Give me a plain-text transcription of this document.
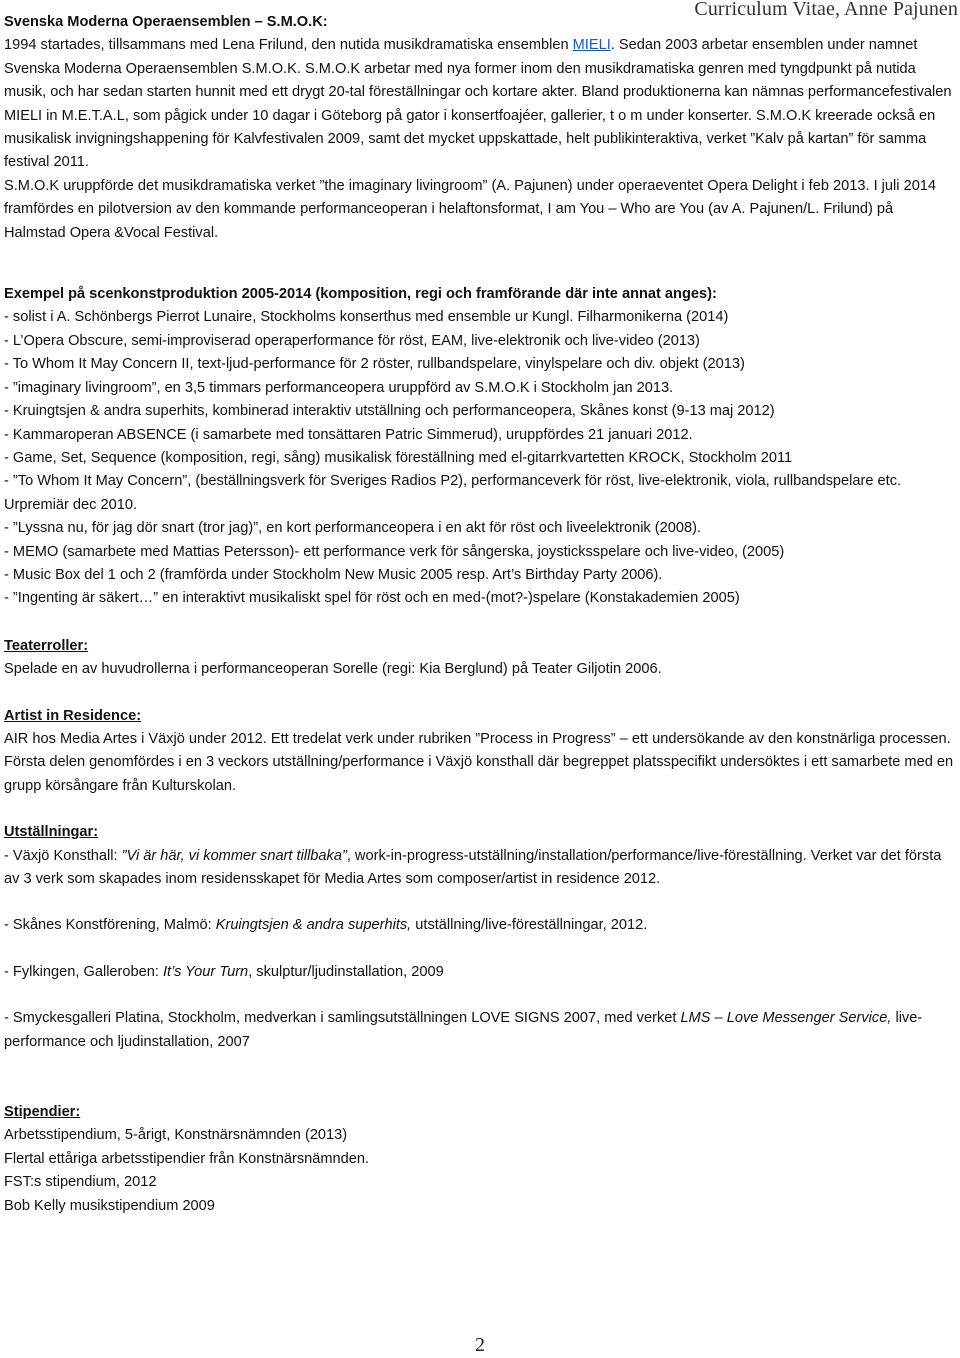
Curriculum Vitae, Anne Pajunen

Svenska Moderna Operaensemblen – S.M.O.K:

1994 startades, tillsammans med Lena Frilund, den nutida musikdramatiska ensemblen MIELI. Sedan 2003 arbetar ensemblen under namnet Svenska Moderna Operaensemblen S.M.O.K. S.M.O.K arbetar med nya former inom den musikdramatiska genren med tyngdpunkt på nutida musik, och har sedan starten hunnit med ett drygt 20-tal föreställningar och kortare akter. Bland produktionerna kan nämnas performancefestivalen MIELI in M.E.T.A.L, som pågick under 10 dagar i Göteborg på gator i konsertfoajéer, gallerier, t o m under konserter. S.M.O.K kreerade också en musikalisk invigningshappening för Kalvfestivalen 2009, samt det mycket uppskattade, helt publikinteraktiva, verket ”Kalv på kartan” för samma festival 2011.

S.M.O.K uruppförde det musikdramatiska verket ”the imaginary livingroom” (A. Pajunen) under operaeventet Opera Delight i feb 2013. I juli 2014 framfördes en pilotversion av den kommande performanceoperan i helaftonsformat, I am You – Who are You (av A. Pajunen/L. Frilund) på Halmstad Opera &Vocal Festival.

Exempel på scenkonstproduktion 2005-2014 (komposition, regi och framförande där inte annat anges):

- solist i A. Schönbergs Pierrot Lunaire, Stockholms konserthus med ensemble ur Kungl. Filharmonikerna (2014)

- L’Opera Obscure, semi-improviserad operaperformance för röst, EAM, live-elektronik och live-video (2013)

- To Whom It May Concern II, text-ljud-performance för 2 röster, rullbandspelare, vinylspelare och div. objekt (2013)

- ”imaginary livingroom”, en 3,5 timmars performanceopera uruppförd av S.M.O.K i Stockholm jan 2013.

- Kruingtsjen & andra superhits, kombinerad interaktiv utställning och performanceopera, Skånes konst (9-13 maj 2012)

- Kammaroperan ABSENCE (i samarbete med tonsättaren Patric Simmerud), uruppfördes 21 januari 2012.

- Game, Set, Sequence (komposition, regi, sång) musikalisk föreställning med el-gitarrkvartetten KROCK, Stockholm 2011

- ”To Whom It May Concern”, (beställningsverk för Sveriges Radios P2), performanceverk för röst, live-elektronik, viola, rullbandspelare etc. Urpremiär dec 2010.

- ”Lyssna nu, för jag dör snart (tror jag)”, en kort performanceopera i en akt för röst och liveelektronik (2008).

- MEMO (samarbete med Mattias Petersson)- ett performance verk för sångerska, joysticksspelare och live-video, (2005)

- Music Box del 1 och 2 (framförda under Stockholm New Music 2005 resp. Art’s Birthday Party 2006).

- ”Ingenting är säkert…” en interaktivt musikaliskt spel för röst och en med-(mot?-)spelare (Konstakademien 2005)

Teaterroller:

Spelade en av huvudrollerna i performanceoperan Sorelle (regi: Kia Berglund) på Teater Giljotin 2006.

Artist in Residence:

AIR hos Media Artes i Växjö under 2012. Ett tredelat verk under rubriken ”Process in Progress” – ett undersökande av den konstnärliga processen. Första delen genomfördes i en 3 veckors utställning/performance i Växjö konsthall där begreppet platsspecifikt undersöktes i ett samarbete med en grupp körsångare från Kulturskolan.

Utställningar:

- Växjö Konsthall: ”Vi är här, vi kommer snart tillbaka”, work-in-progress-utställning/installation/performance/live-föreställning. Verket var det första av 3 verk som skapades inom residensskapet för Media Artes som composer/artist in residence 2012.

- Skånes Konstförening, Malmö: Kruingtsjen & andra superhits, utställning/live-föreställningar, 2012.

- Fylkingen, Galleroben: It’s Your Turn, skulptur/ljudinstallation, 2009

- Smyckesgalleri Platina, Stockholm, medverkan i samlingsutställningen LOVE SIGNS 2007, med verket LMS – Love Messenger Service, live-performance och ljudinstallation, 2007

Stipendier:

Arbetsstipendium, 5-årigt, Konstnärsnämnden (2013)

Flertal ettåriga arbetsstipendier från Konstnärsnämnden.

FST:s stipendium, 2012

Bob Kelly musikstipendium 2009

2
